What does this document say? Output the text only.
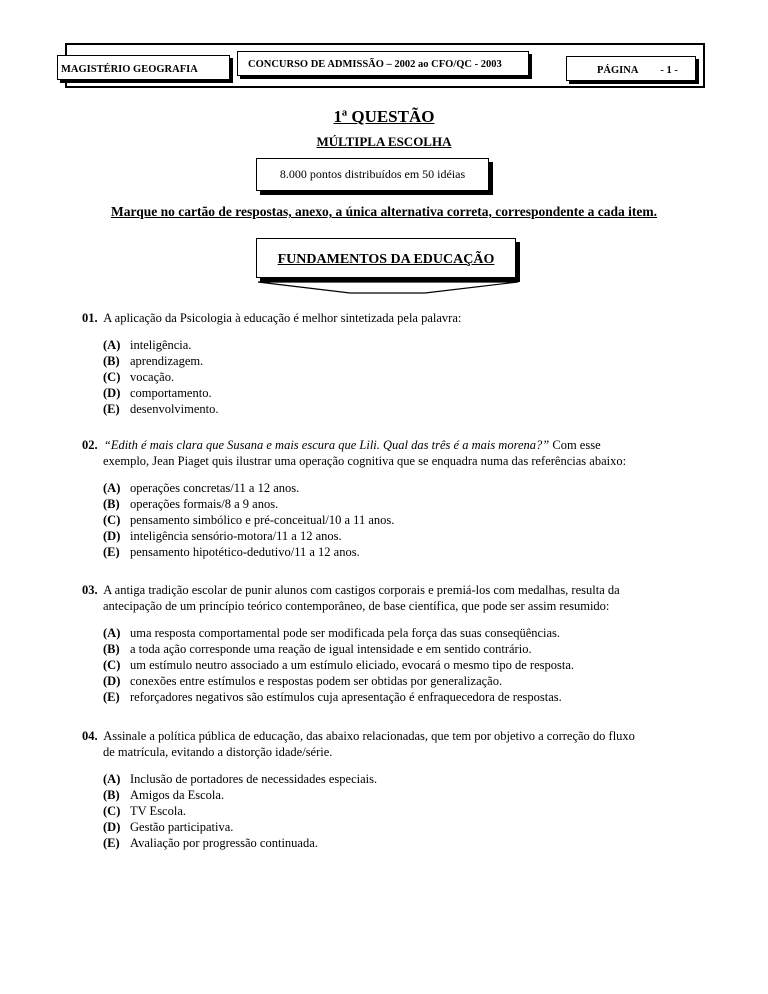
MAGISTÉRIO GEOGRAFIA	CONCURSO DE ADMISSÃO – 2002 ao CFO/QC - 2003
PÁGINA - 1 -
1ª QUESTÃO
MÚLTIPLA ESCOLHA
8.000 pontos distribuídos em 50 idéias
Marque no cartão de respostas, anexo, a única alternativa correta, correspondente a cada item.
FUNDAMENTOS DA EDUCAÇÃO
01. A aplicação da Psicologia à educação é melhor sintetizada pela palavra:
(A) inteligência.
(B) aprendizagem.
(C) vocação.
(D) comportamento.
(E) desenvolvimento.
02. “Edith é mais clara que Susana e mais escura que Lili. Qual das três é a mais morena?” Com esse
exemplo, Jean Piaget quis ilustrar uma operação cognitiva que se enquadra numa das referências abaixo:
(A) operações concretas/11 a 12 anos.
(B) operações formais/8 a 9 anos.
(C) pensamento simbólico e pré-conceitual/10 a 11 anos.
(D) inteligência sensório-motora/11 a 12 anos.
(E) pensamento hipotético-dedutivo/11 a 12 anos.
03. A antiga tradição escolar de punir alunos com castigos corporais e premiá-los com medalhas, resulta da
antecipação de um princípio teórico contemporâneo, de base científica, que pode ser assim resumido:
(A) uma resposta comportamental pode ser modificada pela força das suas conseqüências.
(B) a toda ação corresponde uma reação de igual intensidade e em sentido contrário.
(C) um estímulo neutro associado a um estímulo eliciado, evocará o mesmo tipo de resposta.
(D) conexões entre estímulos e respostas podem ser obtidas por generalização.
(E) reforçadores negativos são estímulos cuja apresentação é enfraquecedora de respostas.
04. Assinale a política pública de educação, das abaixo relacionadas, que tem por objetivo a correção do fluxo
de matrícula, evitando a distorção idade/série.
(A) Inclusão de portadores de necessidades especiais.
(B) Amigos da Escola.
(C) TV Escola.
(D) Gestão participativa.
(E) Avaliação por progressão continuada.
